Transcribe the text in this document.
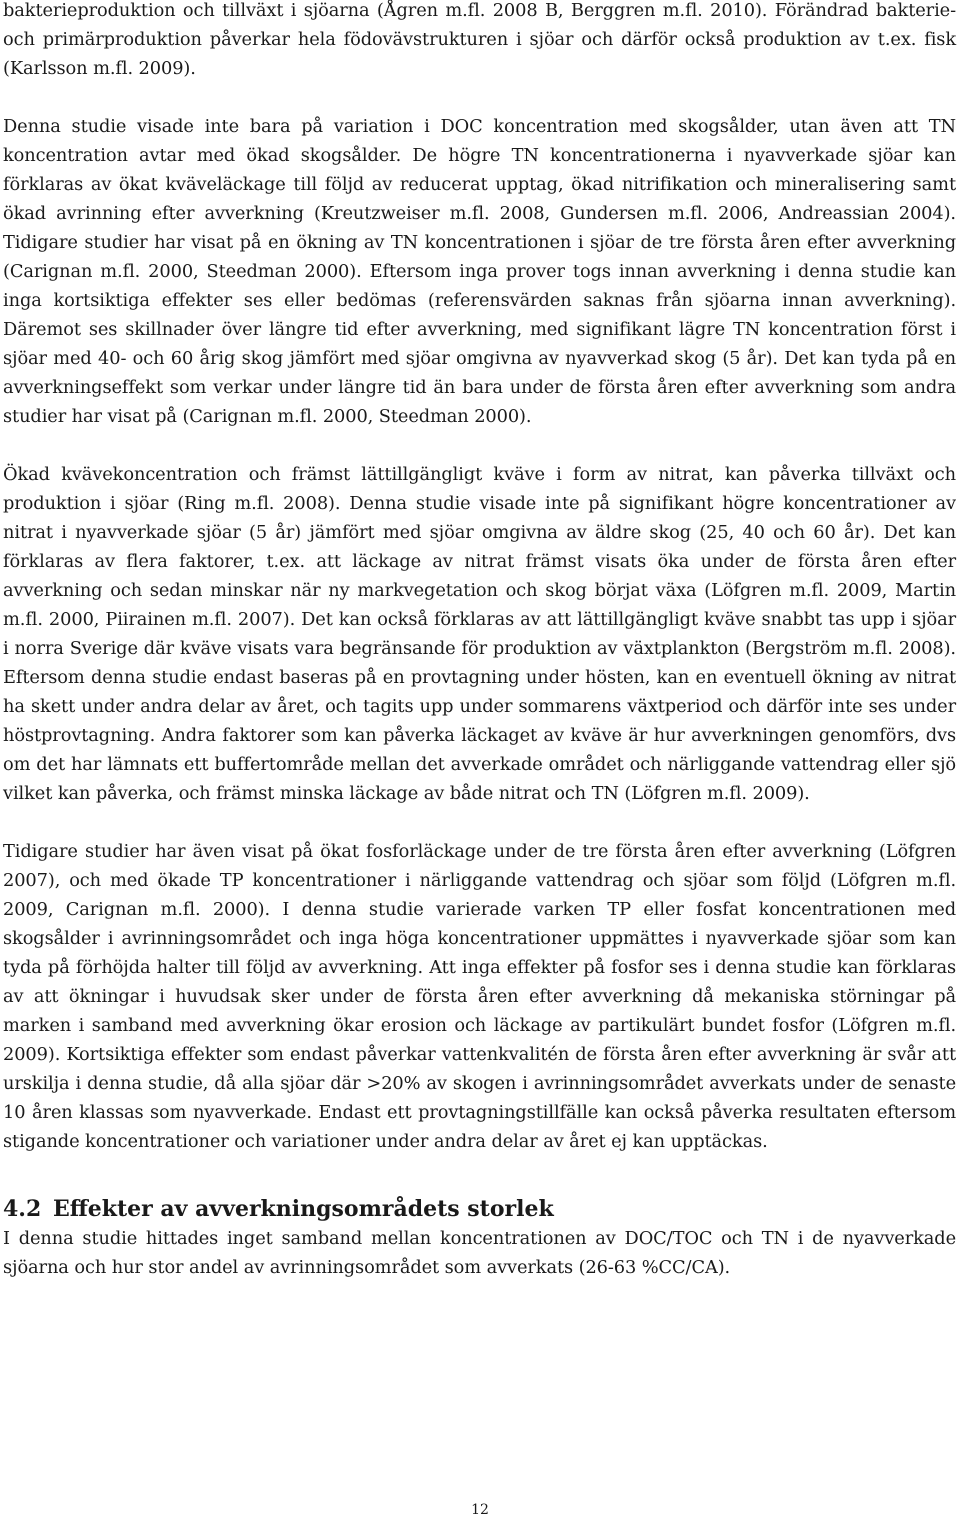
bakterieproduktion och tillväxt i sjöarna (Ågren m.fl. 2008 B, Berggren m.fl. 2010). Förändrad bakterie- och primärproduktion påverkar hela födovävstrukturen i sjöar och därför också produktion av t.ex. fisk (Karlsson m.fl. 2009).

Denna studie visade inte bara på variation i DOC koncentration med skogsålder, utan även att TN koncentration avtar med ökad skogsålder. De högre TN koncentrationerna i nyavverkade sjöar kan förklaras av ökat kväveläckage till följd av reducerat upptag, ökad nitrifikation och mineralisering samt ökad avrinning efter avverkning (Kreutzweiser m.fl. 2008, Gundersen m.fl. 2006, Andreassian 2004). Tidigare studier har visat på en ökning av TN koncentrationen i sjöar de tre första åren efter avverkning (Carignan m.fl. 2000, Steedman 2000). Eftersom inga prover togs innan avverkning i denna studie kan inga kortsiktiga effekter ses eller bedömas (referensvärden saknas från sjöarna innan avverkning). Däremot ses skillnader över längre tid efter avverkning, med signifikant lägre TN koncentration först i sjöar med 40- och 60 årig skog jämfört med sjöar omgivna av nyavverkad skog (5 år). Det kan tyda på en avverkningseffekt som verkar under längre tid än bara under de första åren efter avverkning som andra studier har visat på (Carignan m.fl. 2000, Steedman 2000).

Ökad kvävekoncentration och främst lättillgängligt kväve i form av nitrat, kan påverka tillväxt och produktion i sjöar (Ring m.fl. 2008). Denna studie visade inte på signifikant högre koncentrationer av nitrat i nyavverkade sjöar (5 år) jämfört med sjöar omgivna av äldre skog (25, 40 och 60 år). Det kan förklaras av flera faktorer, t.ex. att läckage av nitrat främst visats öka under de första åren efter avverkning och sedan minskar när ny markvegetation och skog börjat växa (Löfgren m.fl. 2009, Martin m.fl. 2000, Piirainen m.fl. 2007). Det kan också förklaras av att lättillgängligt kväve snabbt tas upp i sjöar i norra Sverige där kväve visats vara begränsande för produktion av växtplankton (Bergström m.fl. 2008). Eftersom denna studie endast baseras på en provtagning under hösten, kan en eventuell ökning av nitrat ha skett under andra delar av året, och tagits upp under sommarens växtperiod och därför inte ses under höstprovtagning. Andra faktorer som kan påverka läckaget av kväve är hur avverkningen genomförs, dvs om det har lämnats ett buffertområde mellan det avverkade området och närliggande vattendrag eller sjö vilket kan påverka, och främst minska läckage av både nitrat och TN (Löfgren m.fl. 2009).

Tidigare studier har även visat på ökat fosforläckage under de tre första åren efter avverkning (Löfgren 2007), och med ökade TP koncentrationer i närliggande vattendrag och sjöar som följd (Löfgren m.fl. 2009, Carignan m.fl. 2000). I denna studie varierade varken TP eller fosfat koncentrationen med skogsålder i avrinningsområdet och inga höga koncentrationer uppmättes i nyavverkade sjöar som kan tyda på förhöjda halter till följd av avverkning. Att inga effekter på fosfor ses i denna studie kan förklaras av att ökningar i huvudsak sker under de första åren efter avverkning då mekaniska störningar på marken i samband med avverkning ökar erosion och läckage av partikulärt bundet fosfor (Löfgren m.fl. 2009). Kortsiktiga effekter som endast påverkar vattenkvalitén de första åren efter avverkning är svår att urskilja i denna studie, då alla sjöar där >20% av skogen i avrinningsområdet avverkats under de senaste 10 åren klassas som nyavverkade. Endast ett provtagningstillfälle kan också påverka resultaten eftersom stigande koncentrationer och variationer under andra delar av året ej kan upptäckas.

4.2 Effekter av avverkningsområdets storlek

I denna studie hittades inget samband mellan koncentrationen av DOC/TOC och TN i de nyavverkade sjöarna och hur stor andel av avrinningsområdet som avverkats (26-63 %CC/CA).

12
